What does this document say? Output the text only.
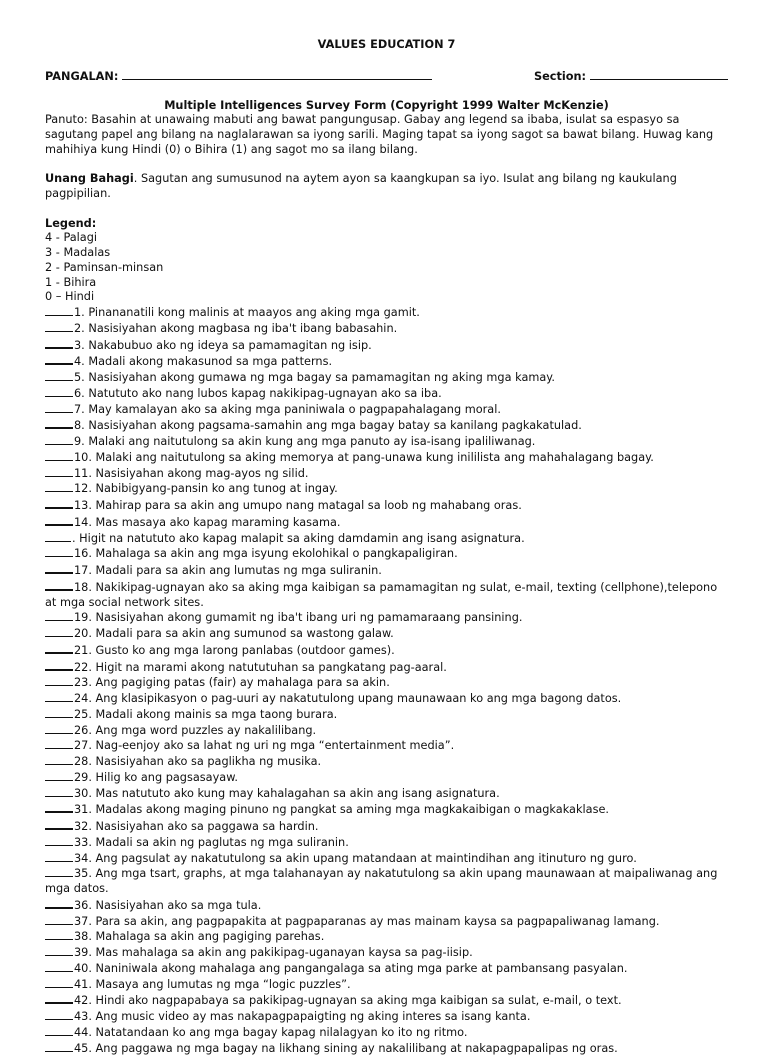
VALUES EDUCATION 7
PANGALAN:	Section:
Multiple Intelligences Survey Form (Copyright 1999 Walter McKenzie)

Panuto: Basahin at unawaing mabuti ang bawat pangungusap. Gabay ang legend sa ibaba, isulat sa espasyo sa sagutang papel ang bilang na naglalarawan sa iyong sarili. Maging tapat sa iyong sagot sa bawat bilang. Huwag kang mahihiya kung Hindi (0) o Bihira (1) ang sagot mo sa ilang bilang.

Unang Bahagi. Sagutan ang sumusunod na aytem ayon sa kaangkupan sa iyo. Isulat ang bilang ng kaukulang pagpipilian.

Legend:
4 - Palagi
3 - Madalas
2 - Paminsan-minsan
1 - Bihira
0 – Hindi

1. Pinananatili kong malinis at maayos ang aking mga gamit.

2. Nasisiyahan akong magbasa ng iba't ibang babasahin.

3. Nakabubuo ako ng ideya sa pamamagitan ng isip.

4. Madali akong makasunod sa mga patterns.

5. Nasisiyahan akong gumawa ng mga bagay sa pamamagitan ng aking mga kamay.

6. Natututo ako nang lubos kapag nakikipag-ugnayan ako sa iba.

7. May kamalayan ako sa aking mga paniniwala o pagpapahalagang moral.

8. Nasisiyahan akong pagsama-samahin ang mga bagay batay sa kanilang pagkakatulad.

9. Malaki ang naitutulong sa akin kung ang mga panuto ay isa-isang ipaliliwanag.

10. Malaki ang naitutulong sa aking memorya at pang-unawa kung inililista ang mahahalagang bagay.

11. Nasisiyahan akong mag-ayos ng silid.

12. Nabibigyang-pansin ko ang tunog at ingay.

13. Mahirap para sa akin ang umupo nang matagal sa loob ng mahabang oras.

14. Mas masaya ako kapag maraming kasama.

. Higit na natututo ako kapag malapit sa aking damdamin ang isang asignatura.

16. Mahalaga sa akin ang mga isyung ekolohikal o pangkapaligiran.

17. Madali para sa akin ang lumutas ng mga suliranin.

18. Nakikipag-ugnayan ako sa aking mga kaibigan sa pamamagitan ng sulat, e-mail, texting (cellphone),telepono at mga social network sites.

19. Nasisiyahan akong gumamit ng iba't ibang uri ng pamamaraang pansining.

20. Madali para sa akin ang sumunod sa wastong galaw.

21. Gusto ko ang mga larong panlabas (outdoor games).

22. Higit na marami akong natututuhan sa pangkatang pag-aaral.

23. Ang pagiging patas (fair) ay mahalaga para sa akin.

24. Ang klasipikasyon o pag-uuri ay nakatutulong upang maunawaan ko ang mga bagong datos.

25. Madali akong mainis sa mga taong burara.

26. Ang mga word puzzles ay nakalilibang.

27. Nag-eenjoy ako sa lahat ng uri ng mga “entertainment media”.

28. Nasisiyahan ako sa paglikha ng musika.

29. Hilig ko ang pagsasayaw.

30. Mas natututo ako kung may kahalagahan sa akin ang isang asignatura.

31. Madalas akong maging pinuno ng pangkat sa aming mga magkakaibigan o magkakaklase.

32. Nasisiyahan ako sa paggawa sa hardin.

33. Madali sa akin ng paglutas ng mga suliranin.

34. Ang pagsulat ay nakatutulong sa akin upang matandaan at maintindihan ang itinuturo ng guro.

35. Ang mga tsart, graphs, at mga talahanayan ay nakatutulong sa akin upang maunawaan at maipaliwanag ang mga datos.

36. Nasisiyahan ako sa mga tula.

37. Para sa akin, ang pagpapakita at pagpaparanas ay mas mainam kaysa sa pagpapaliwanag lamang.

38. Mahalaga sa akin ang pagiging parehas.

39. Mas mahalaga sa akin ang pakikipag-uganayan kaysa sa pag-iisip.

40. Naniniwala akong mahalaga ang pangangalaga sa ating mga parke at pambansang pasyalan.

41. Masaya ang lumutas ng mga “logic puzzles”.

42. Hindi ako nagpapabaya sa pakikipag-ugnayan sa aking mga kaibigan sa sulat, e-mail, o text.

43. Ang music video ay mas nakapagpapaigting ng aking interes sa isang kanta.

44. Natatandaan ko ang mga bagay kapag nilalagyan ko ito ng ritmo.

45. Ang paggawa ng mga bagay na likhang sining ay nakalilibang at nakapagpapalipas ng oras.
